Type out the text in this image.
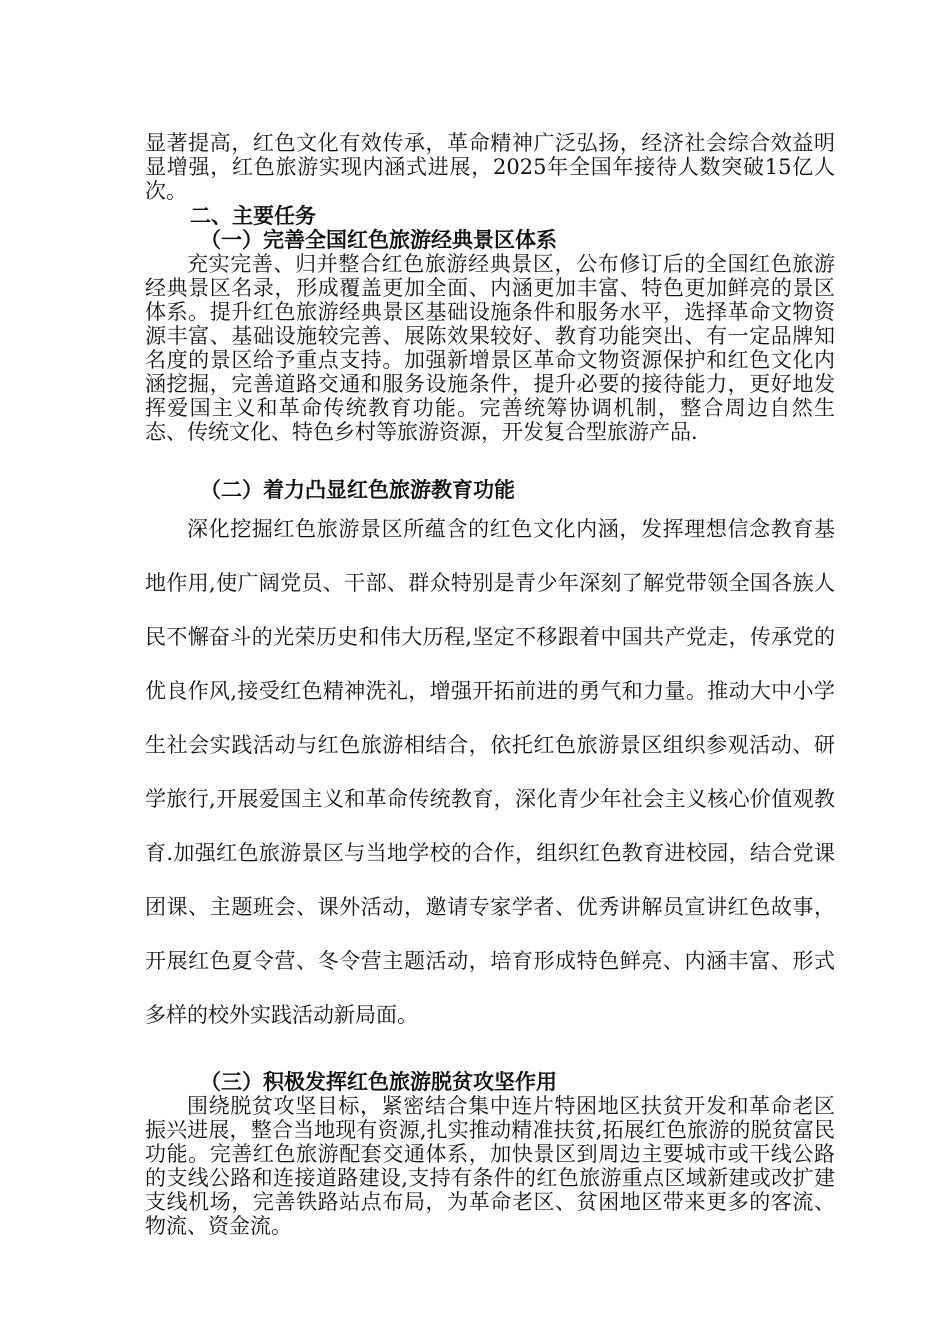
显著提高，红色文化有效传承，革命精神广泛弘扬，经济社会综合效益明显增强，红色旅游实现内涵式进展，2025年全国年接待人数突破15亿人次。

二、主要任务

（一）完善全国红色旅游经典景区体系

充实完善、归并整合红色旅游经典景区，公布修订后的全国红色旅游经典景区名录，形成覆盖更加全面、内涵更加丰富、特色更加鲜亮的景区体系。提升红色旅游经典景区基础设施条件和服务水平，选择革命文物资源丰富、基础设施较完善、展陈效果较好、教育功能突出、有一定品牌知名度的景区给予重点支持。加强新增景区革命文物资源保护和红色文化内涵挖掘，完善道路交通和服务设施条件，提升必要的接待能力，更好地发挥爱国主义和革命传统教育功能。完善统筹协调机制，整合周边自然生态、传统文化、特色乡村等旅游资源，开发复合型旅游产品.

（二）着力凸显红色旅游教育功能

深化挖掘红色旅游景区所蕴含的红色文化内涵，发挥理想信念教育基地作用,使广阔党员、干部、群众特别是青少年深刻了解党带领全国各族人民不懈奋斗的光荣历史和伟大历程,坚定不移跟着中国共产党走，传承党的优良作风,接受红色精神洗礼，增强开拓前进的勇气和力量。推动大中小学生社会实践活动与红色旅游相结合，依托红色旅游景区组织参观活动、研学旅行,开展爱国主义和革命传统教育，深化青少年社会主义核心价值观教育.加强红色旅游景区与当地学校的合作，组织红色教育进校园，结合党课团课、主题班会、课外活动，邀请专家学者、优秀讲解员宣讲红色故事，开展红色夏令营、冬令营主题活动，培育形成特色鲜亮、内涵丰富、形式多样的校外实践活动新局面。

（三）积极发挥红色旅游脱贫攻坚作用

围绕脱贫攻坚目标，紧密结合集中连片特困地区扶贫开发和革命老区振兴进展，整合当地现有资源,扎实推动精准扶贫,拓展红色旅游的脱贫富民功能。完善红色旅游配套交通体系，加快景区到周边主要城市或干线公路的支线公路和连接道路建设,支持有条件的红色旅游重点区域新建或改扩建支线机场，完善铁路站点布局，为革命老区、贫困地区带来更多的客流、物流、资金流。
